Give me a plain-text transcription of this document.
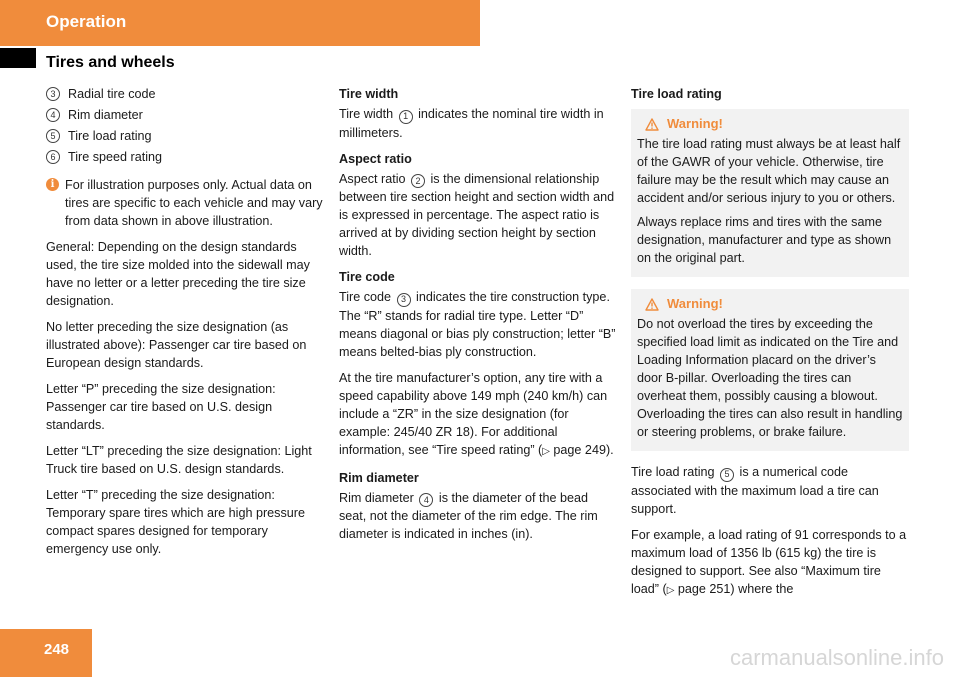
Operation
Tires and wheels
3 Radial tire code
4 Rim diameter
5 Tire load rating
6 Tire speed rating
i For illustration purposes only. Actual data on tires are specific to each vehicle and may vary from data shown in above illustration.

General: Depending on the design standards used, the tire size molded into the sidewall may have no letter or a letter preceding the tire size designation.

No letter preceding the size designation (as illustrated above): Passenger car tire based on European design standards.

Letter “P” preceding the size designation: Passenger car tire based on U.S. design standards.

Letter “LT” preceding the size designation: Light Truck tire based on U.S. design standards.

Letter “T” preceding the size designation: Temporary spare tires which are high pressure compact spares designed for temporary emergency use only.

Tire width

Tire width 1 indicates the nominal tire width in millimeters.

Aspect ratio

Aspect ratio 2 is the dimensional relationship between tire section height and section width and is expressed in percentage. The aspect ratio is arrived at by dividing section height by section width.

Tire code

Tire code 3 indicates the tire construction type. The “R” stands for radial tire type. Letter “D” means diagonal or bias ply construction; letter “B” means belted-bias ply construction.

At the tire manufacturer’s option, any tire with a speed capability above 149 mph (240 km/h) can include a “ZR” in the size designation (for example: 245/40 ZR 18). For additional information, see “Tire speed rating” (▷ page 249).

Rim diameter

Rim diameter 4 is the diameter of the bead seat, not the diameter of the rim edge. The rim diameter is indicated in inches (in).

Tire load rating
Warning!

The tire load rating must always be at least half of the GAWR of your vehicle. Otherwise, tire failure may be the result which may cause an accident and/or serious injury to you or others.

Always replace rims and tires with the same designation, manufacturer and type as shown on the original part.

Warning!

Do not overload the tires by exceeding the specified load limit as indicated on the Tire and Loading Information placard on the driver’s door B-pillar. Overloading the tires can overheat them, possibly causing a blowout. Overloading the tires can also result in handling or steering problems, or brake failure.

Tire load rating 5 is a numerical code associated with the maximum load a tire can support.

For example, a load rating of 91 corresponds to a maximum load of 1356 lb (615 kg) the tire is designed to support. See also “Maximum tire load” (▷ page 251) where the

248	carmanualsonline.info
